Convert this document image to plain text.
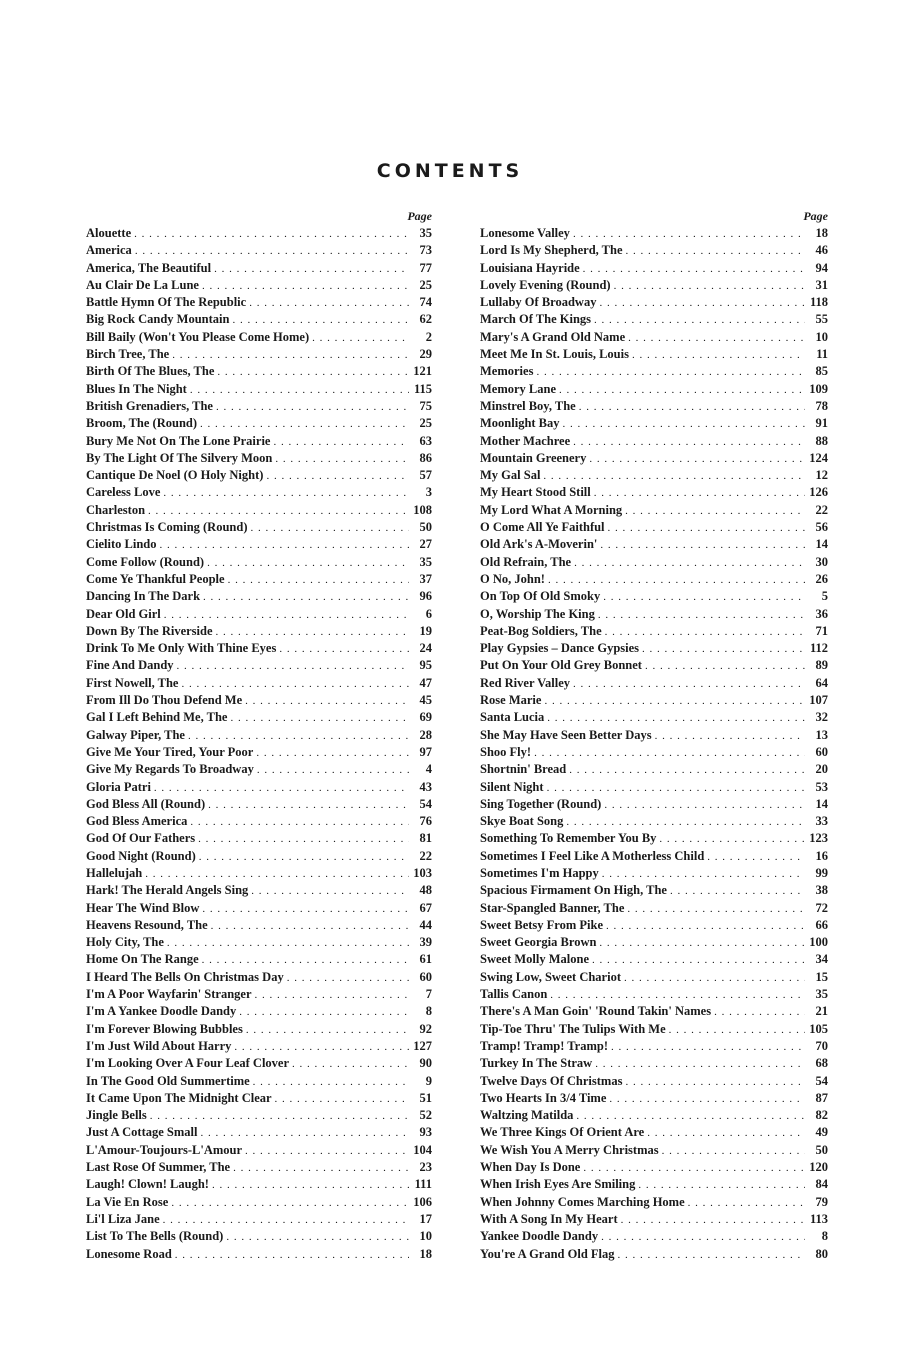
CONTENTS
Page
Alouette . . .	35
America . . .	73
America, The Beautiful . . .	77
Au Clair De La Lune . . .	25
Battle Hymn Of The Republic . . .	74
Big Rock Candy Mountain . . .	62
Bill Baily (Won't You Please Come Home) . . .	2
Birch Tree, The . . .	29
Birth Of The Blues, The . . .	121
Blues In The Night . . .	115
British Grenadiers, The . . .	75
Broom, The (Round) . . .	25
Bury Me Not On The Lone Prairie . . .	63
By The Light Of The Silvery Moon . . .	86
Cantique De Noel (O Holy Night) . . .	57
Careless Love . . .	3
Charleston . . .	108
Christmas Is Coming (Round) . . .	50
Cielito Lindo . . .	27
Come Follow (Round) . . .	35
Come Ye Thankful People . . .	37
Dancing In The Dark . . .	96
Dear Old Girl . . .	6
Down By The Riverside . . .	19
Drink To Me Only With Thine Eyes . . .	24
Fine And Dandy . . .	95
First Nowell, The . . .	47
From Ill Do Thou Defend Me . . .	45
Gal I Left Behind Me, The . . .	69
Galway Piper, The . . .	28
Give Me Your Tired, Your Poor . . .	97
Give My Regards To Broadway . . .	4
Gloria Patri . . .	43
God Bless All (Round) . . .	54
God Bless America . . .	76
God Of Our Fathers . . .	81
Good Night (Round) . . .	22
Hallelujah . . .	103
Hark! The Herald Angels Sing . . .	48
Hear The Wind Blow . . .	67
Heavens Resound, The . . .	44
Holy City, The . . .	39
Home On The Range . . .	61
I Heard The Bells On Christmas Day . . .	60
I'm A Poor Wayfarin' Stranger . . .	7
I'm A Yankee Doodle Dandy . . .	8
I'm Forever Blowing Bubbles . . .	92
I'm Just Wild About Harry . . .	127
I'm Looking Over A Four Leaf Clover . . .	90
In The Good Old Summertime . . .	9
It Came Upon The Midnight Clear . . .	51
Jingle Bells . . .	52
Just A Cottage Small . . .	93
L'Amour-Toujours-L'Amour . . .	104
Last Rose Of Summer, The . . .	23
Laugh! Clown! Laugh! . . .	111
La Vie En Rose . . .	106
Li'l Liza Jane . . .	17
List To The Bells (Round) . . .	10
Lonesome Road . . .	18
Page
Lonesome Valley . . .	18
Lord Is My Shepherd, The . . .	46
Louisiana Hayride . . .	94
Lovely Evening (Round) . . .	31
Lullaby Of Broadway . . .	118
March Of The Kings . . .	55
Mary's A Grand Old Name . . .	10
Meet Me In St. Louis, Louis . . .	11
Memories . . .	85
Memory Lane . . .	109
Minstrel Boy, The . . .	78
Moonlight Bay . . .	91
Mother Machree . . .	88
Mountain Greenery . . .	124
My Gal Sal . . .	12
My Heart Stood Still . . .	126
My Lord What A Morning . . .	22
O Come All Ye Faithful . . .	56
Old Ark's A-Moverin' . . .	14
Old Refrain, The . . .	30
O No, John! . . .	26
On Top Of Old Smoky . . .	5
O, Worship The King . . .	36
Peat-Bog Soldiers, The . . .	71
Play Gypsies – Dance Gypsies . . .	112
Put On Your Old Grey Bonnet . . .	89
Red River Valley . . .	64
Rose Marie . . .	107
Santa Lucia . . .	32
She May Have Seen Better Days . . .	13
Shoo Fly! . . .	60
Shortnin' Bread . . .	20
Silent Night . . .	53
Sing Together (Round) . . .	14
Skye Boat Song . . .	33
Something To Remember You By . . .	123
Sometimes I Feel Like A Motherless Child . . .	16
Sometimes I'm Happy . . .	99
Spacious Firmament On High, The . . .	38
Star-Spangled Banner, The . . .	72
Sweet Betsy From Pike . . .	66
Sweet Georgia Brown . . .	100
Sweet Molly Malone . . .	34
Swing Low, Sweet Chariot . . .	15
Tallis Canon . . .	35
There's A Man Goin' 'Round Takin' Names . . .	21
Tip-Toe Thru' The Tulips With Me . . .	105
Tramp! Tramp! Tramp! . . .	70
Turkey In The Straw . . .	68
Twelve Days Of Christmas . . .	54
Two Hearts In 3/4 Time . . .	87
Waltzing Matilda . . .	82
We Three Kings Of Orient Are . . .	49
We Wish You A Merry Christmas . . .	50
When Day Is Done . . .	120
When Irish Eyes Are Smiling . . .	84
When Johnny Comes Marching Home . . .	79
With A Song In My Heart . . .	113
Yankee Doodle Dandy . . .	8
You're A Grand Old Flag . . .	80
